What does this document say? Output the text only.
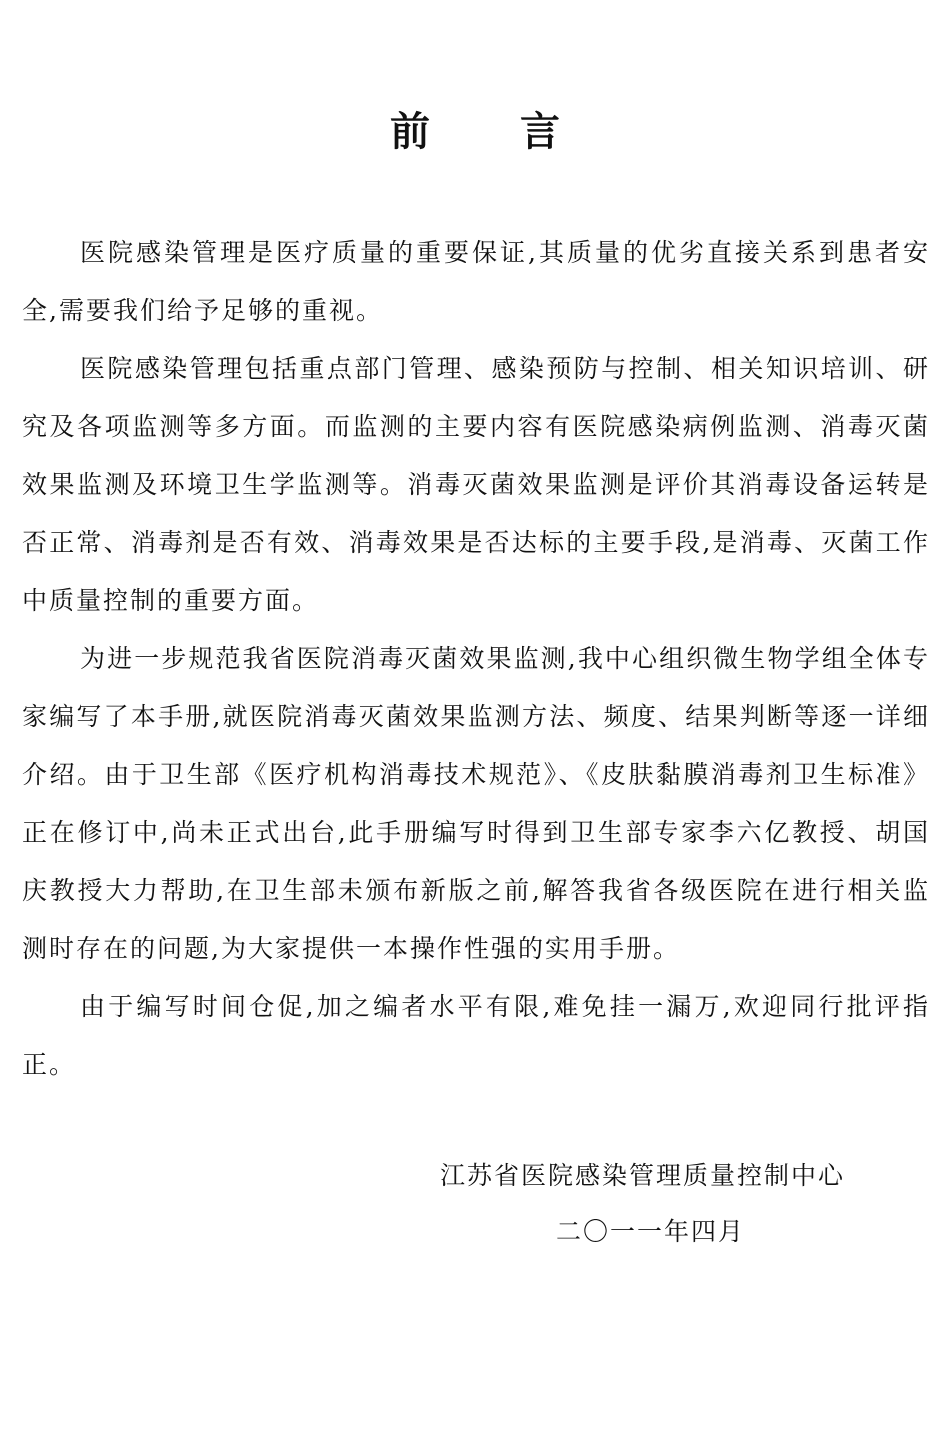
前言

医院感染管理是医疗质量的重要保证,其质量的优劣直接关系到患者安全,需要我们给予足够的重视。

医院感染管理包括重点部门管理、感染预防与控制、相关知识培训、研究及各项监测等多方面。而监测的主要内容有医院感染病例监测、消毒灭菌效果监测及环境卫生学监测等。消毒灭菌效果监测是评价其消毒设备运转是否正常、消毒剂是否有效、消毒效果是否达标的主要手段,是消毒、灭菌工作中质量控制的重要方面。

为进一步规范我省医院消毒灭菌效果监测,我中心组织微生物学组全体专家编写了本手册,就医院消毒灭菌效果监测方法、频度、结果判断等逐一详细介绍。由于卫生部《医疗机构消毒技术规范》、《皮肤黏膜消毒剂卫生标准》正在修订中,尚未正式出台,此手册编写时得到卫生部专家李六亿教授、胡国庆教授大力帮助,在卫生部未颁布新版之前,解答我省各级医院在进行相关监测时存在的问题,为大家提供一本操作性强的实用手册。

由于编写时间仓促,加之编者水平有限,难免挂一漏万,欢迎同行批评指正。

江苏省医院感染管理质量控制中心

二〇一一年四月
